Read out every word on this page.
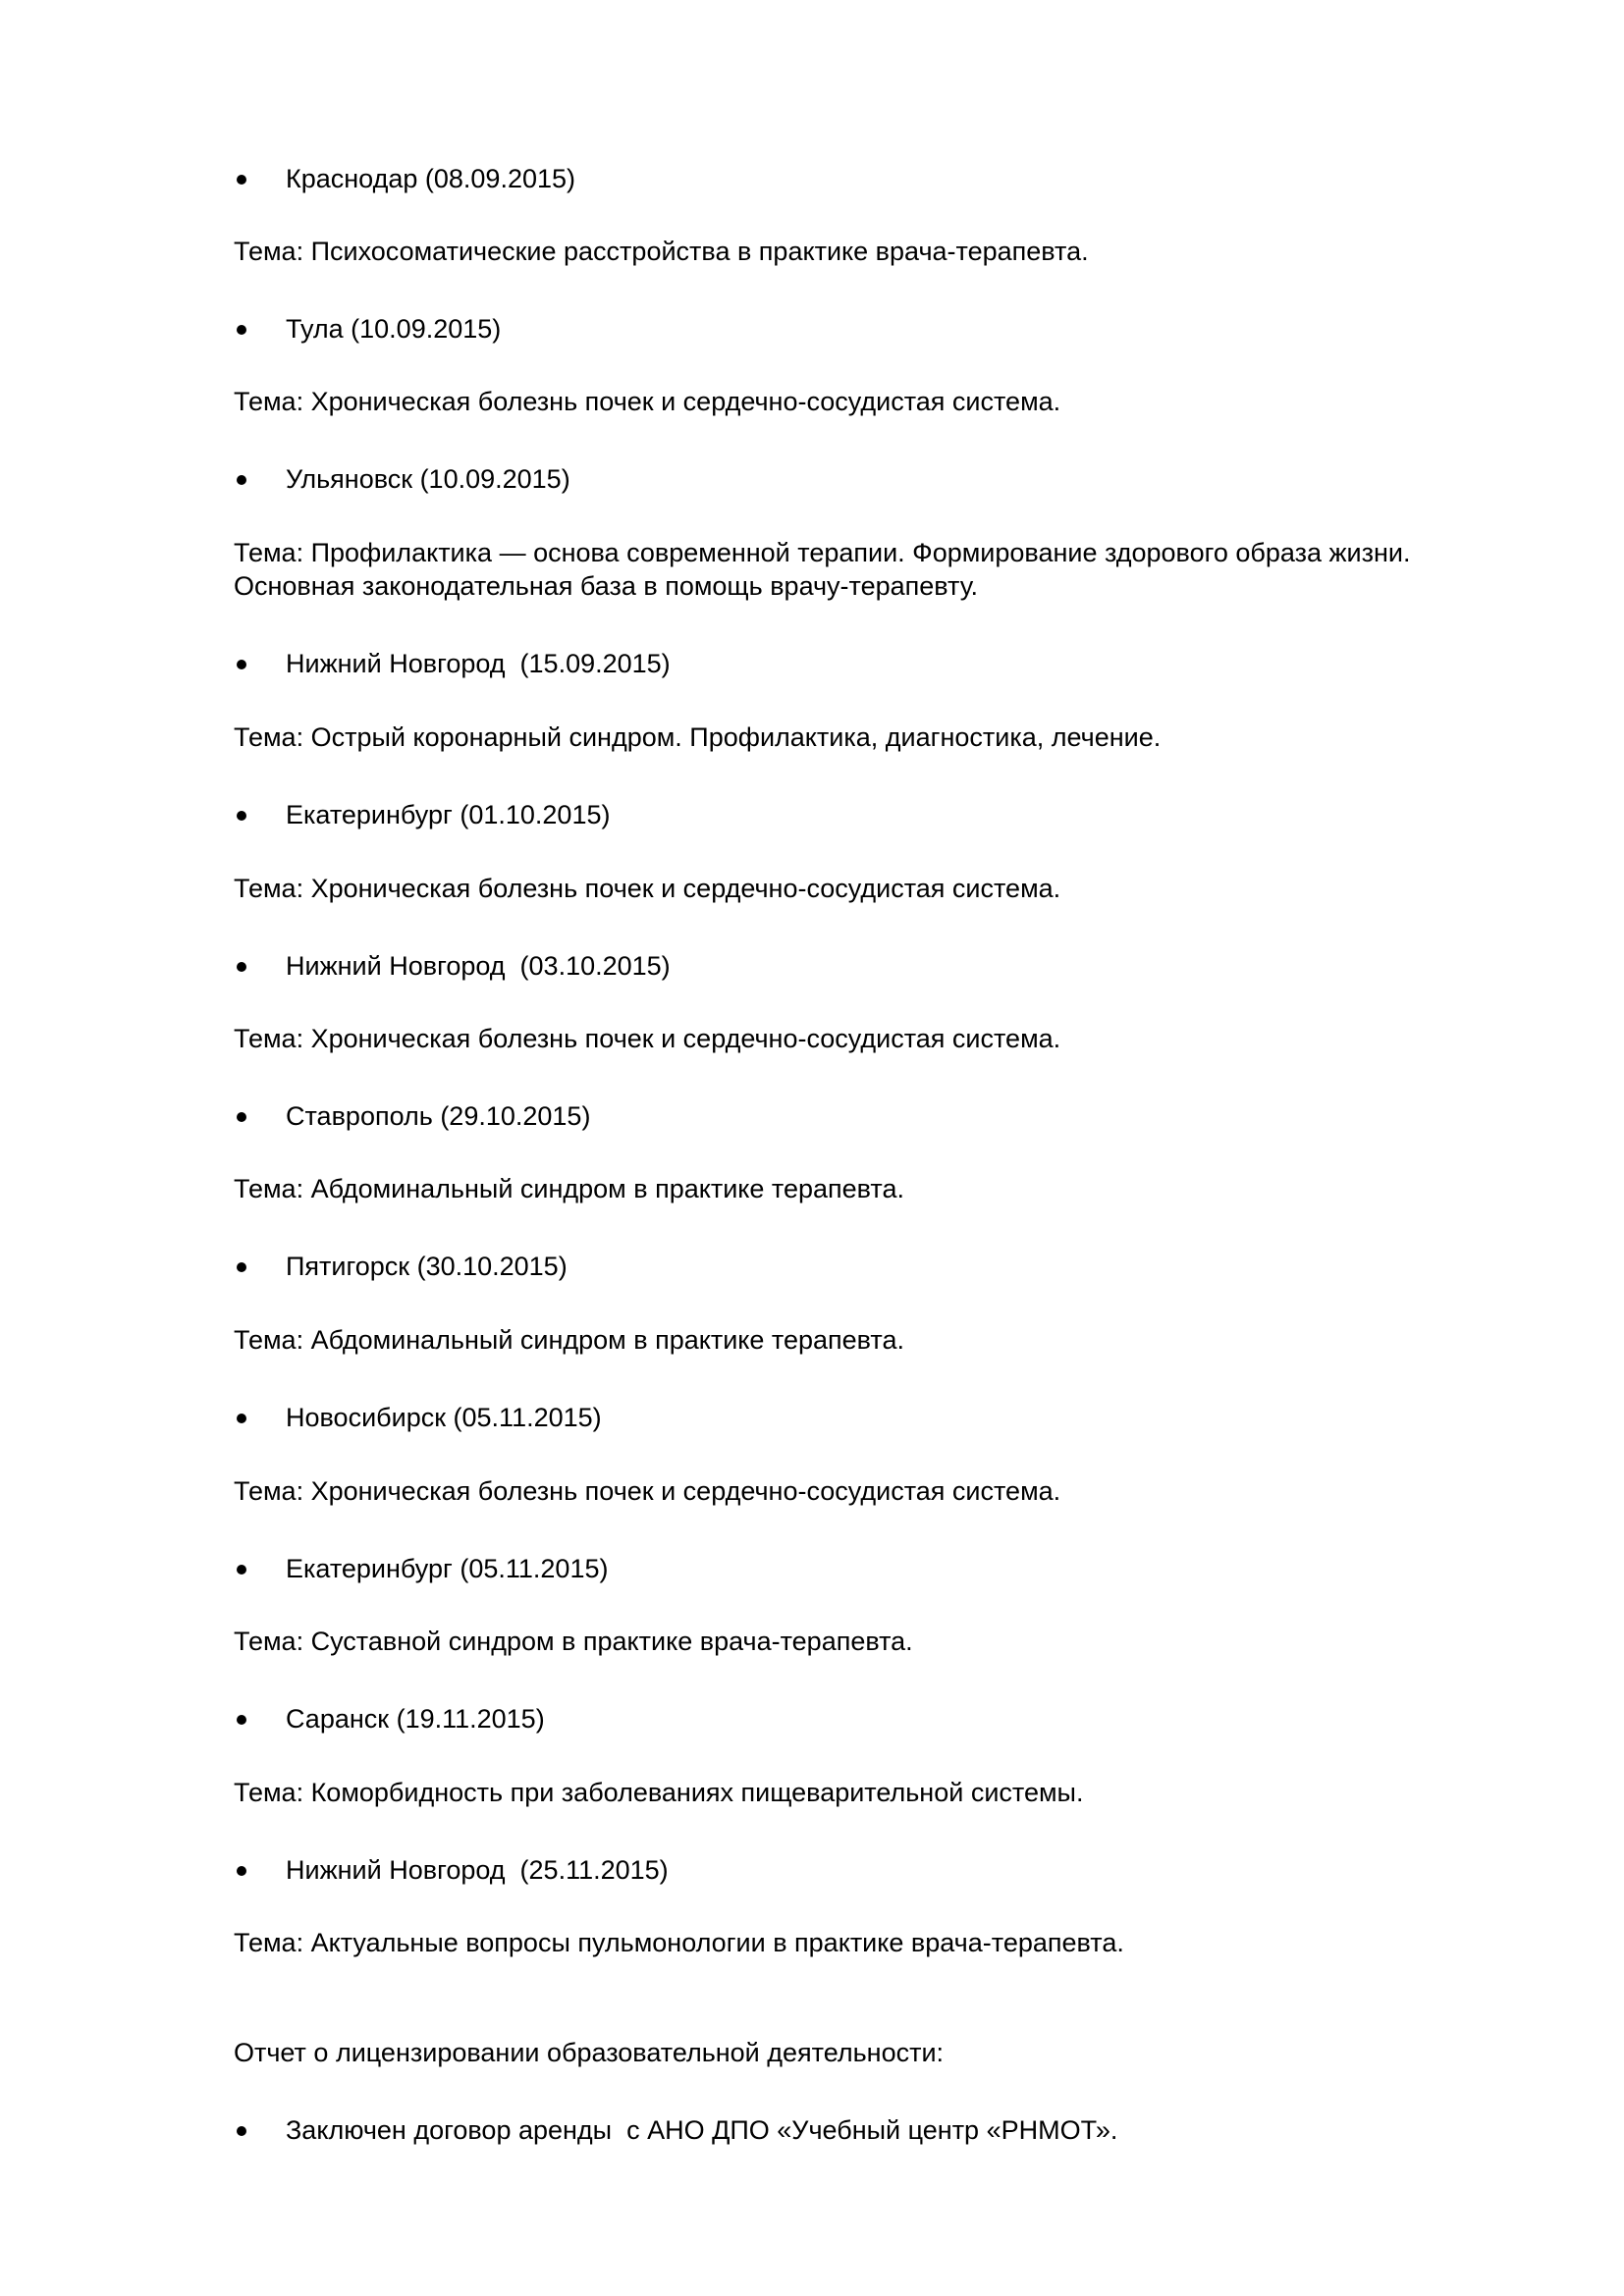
Краснодар (08.09.2015)

Тема: Психосоматические расстройства в практике врача-терапевта.

Тула (10.09.2015)

Тема: Хроническая болезнь почек и сердечно-сосудистая система.

Ульяновск (10.09.2015)

Тема: Профилактика — основа современной терапии. Формирование здорового образа жизни.
Основная законодательная база в помощь врачу-терапевту.

Нижний Новгород  (15.09.2015)

Тема: Острый коронарный синдром. Профилактика, диагностика, лечение.

Екатеринбург (01.10.2015)

Тема: Хроническая болезнь почек и сердечно-сосудистая система.

Нижний Новгород  (03.10.2015)

Тема: Хроническая болезнь почек и сердечно-сосудистая система.

Ставрополь (29.10.2015)

Тема: Абдоминальный синдром в практике терапевта.

Пятигорск (30.10.2015)

Тема: Абдоминальный синдром в практике терапевта.

Новосибирск (05.11.2015)

Тема: Хроническая болезнь почек и сердечно-сосудистая система.

Екатеринбург (05.11.2015)

Тема: Суставной синдром в практике врача-терапевта.

Саранск (19.11.2015)

Тема: Коморбидность при заболеваниях пищеварительной системы.

Нижний Новгород  (25.11.2015)

Тема: Актуальные вопросы пульмонологии в практике врача-терапевта.
Отчет о лицензировании образовательной деятельности:

Заключен договор аренды  с АНО ДПО «Учебный центр «РНМОТ».
